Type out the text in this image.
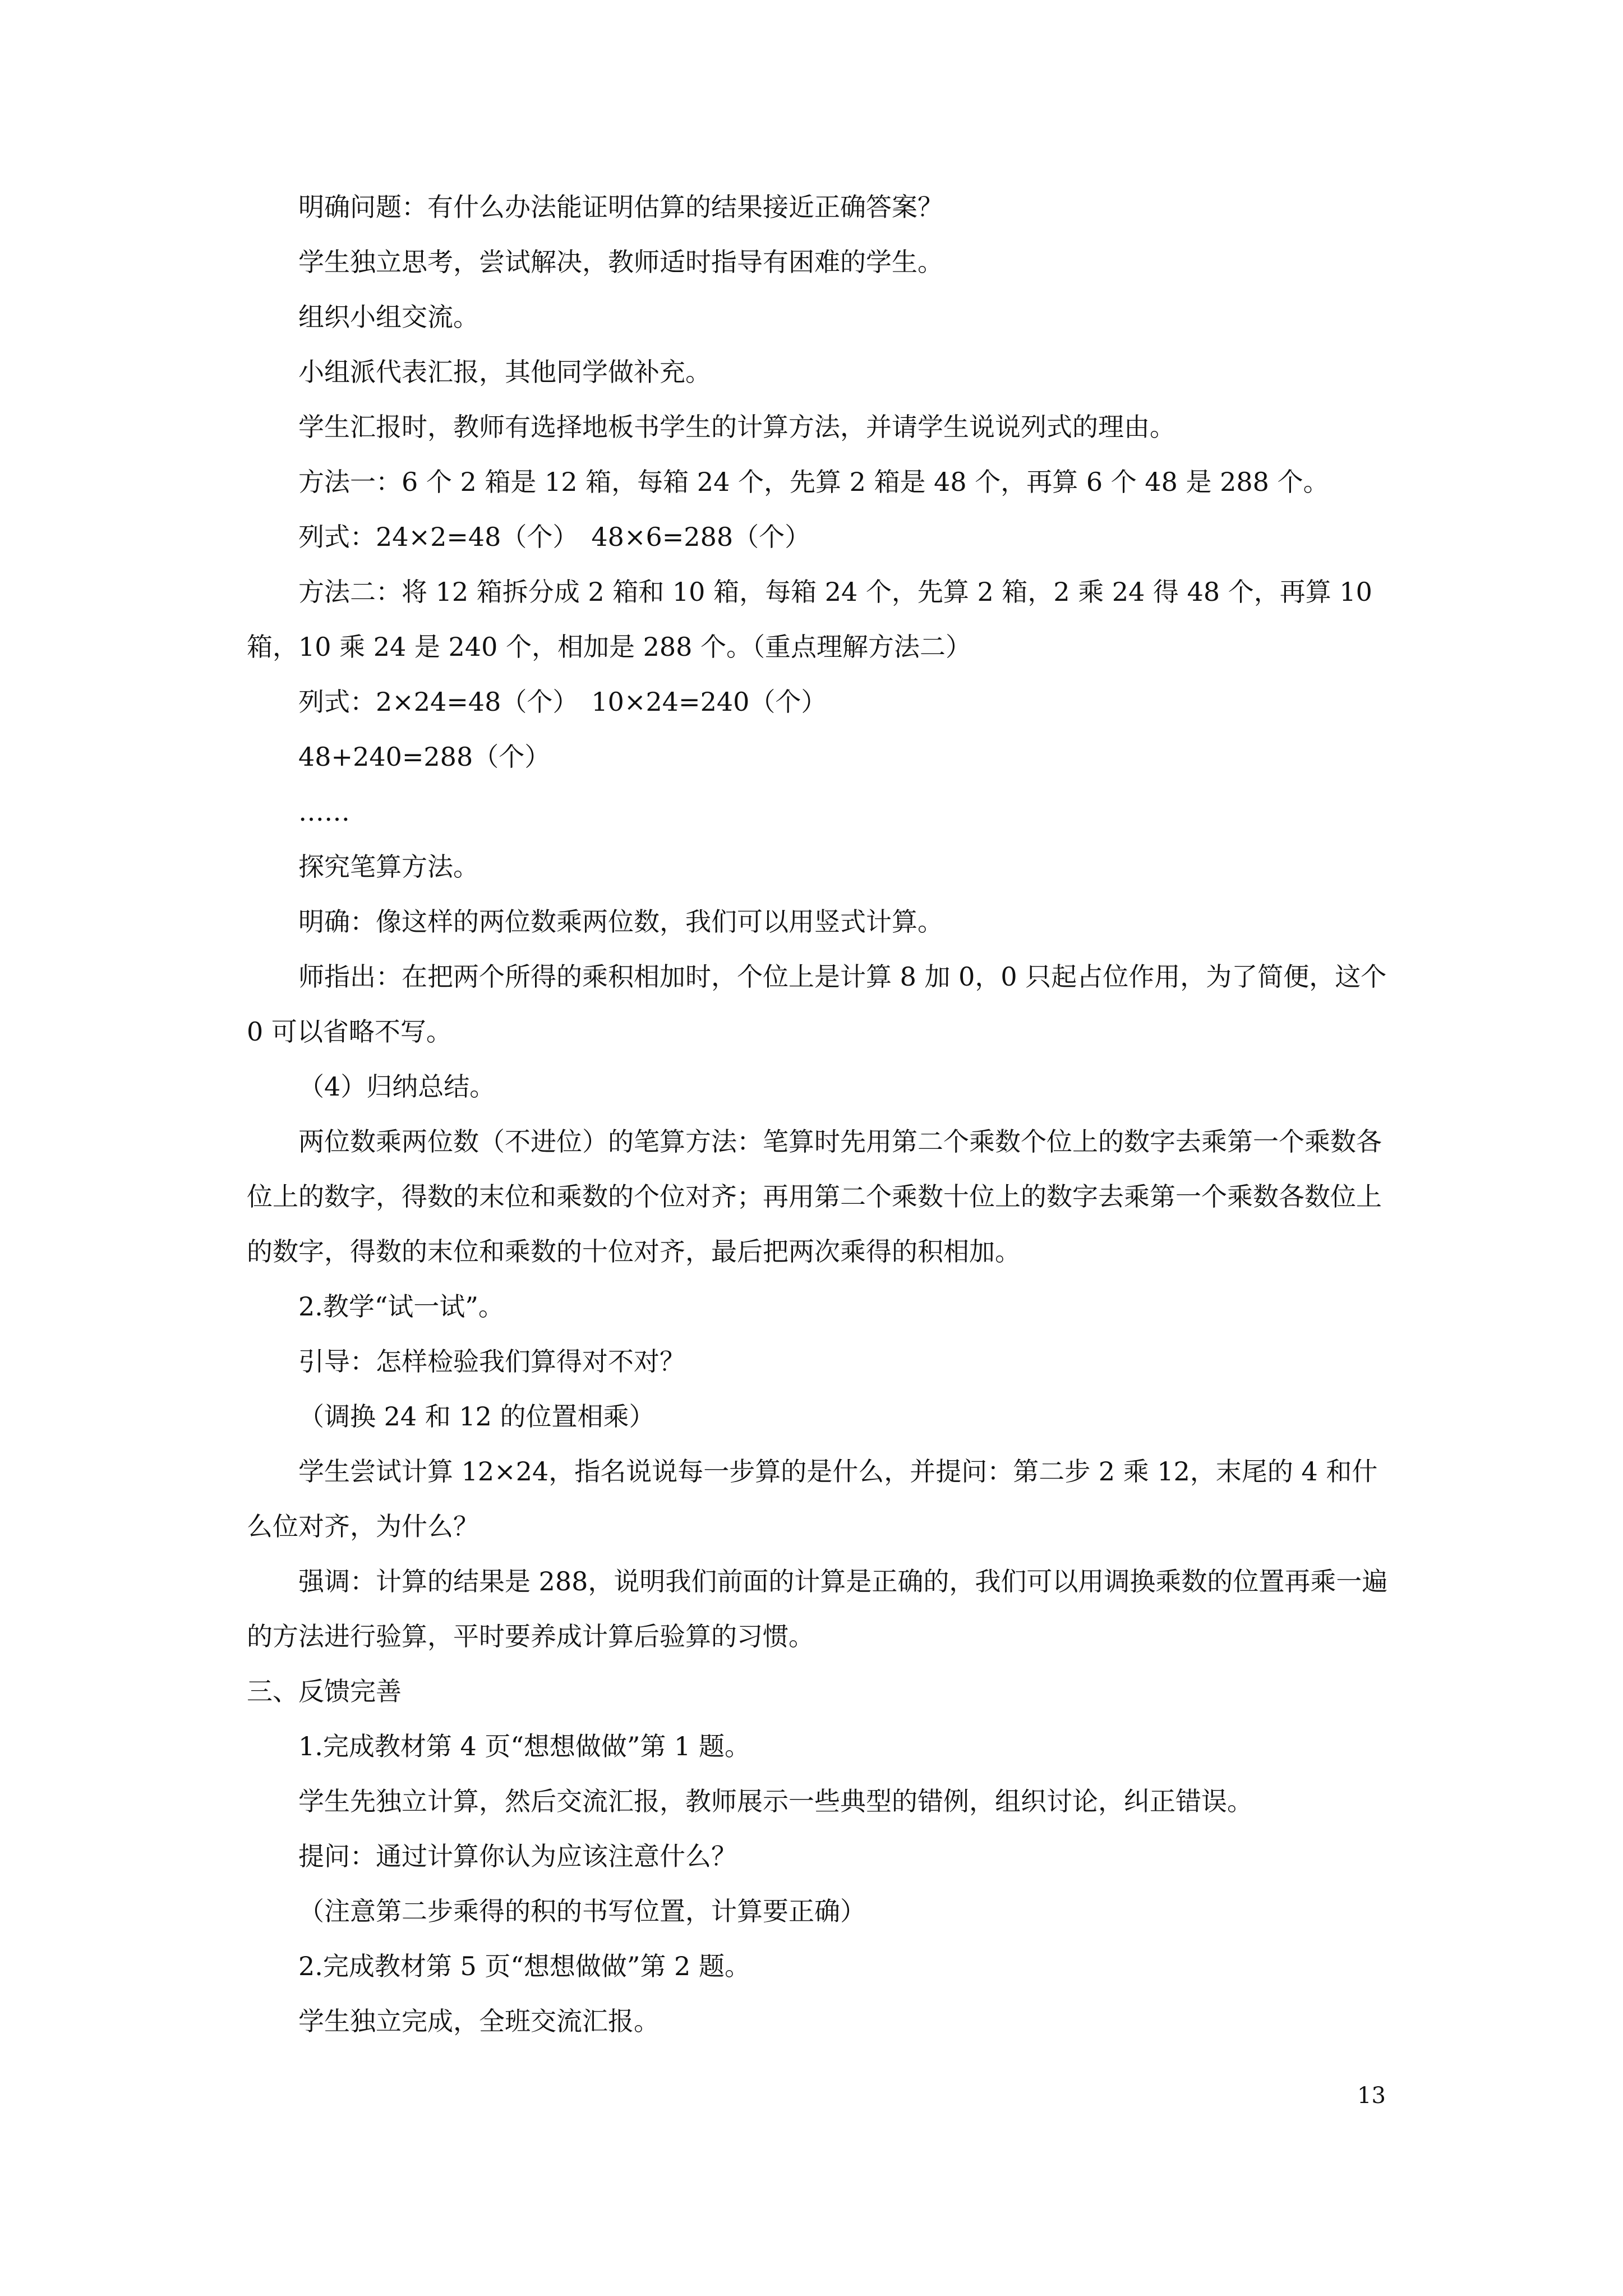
明确问题：有什么办法能证明估算的结果接近正确答案？

学生独立思考，尝试解决，教师适时指导有困难的学生。

组织小组交流。

小组派代表汇报，其他同学做补充。

学生汇报时，教师有选择地板书学生的计算方法，并请学生说说列式的理由。

方法一：6 个 2 箱是 12 箱，每箱 24 个，先算 2 箱是 48 个，再算 6 个 48 是 288 个。

列式：24×2=48（个）　48×6=288（个）

方法二：将 12 箱拆分成 2 箱和 10 箱，每箱 24 个，先算 2 箱，2 乘 24 得 48 个，再算 10 箱，10 乘 24 是 240 个，相加是 288 个。（重点理解方法二）

列式：2×24=48（个）　10×24=240（个）

48+240=288（个）

……

探究笔算方法。

明确：像这样的两位数乘两位数，我们可以用竖式计算。

师指出：在把两个所得的乘积相加时，个位上是计算 8 加 0，0 只起占位作用，为了简便，这个 0 可以省略不写。

（4）归纳总结。

两位数乘两位数（不进位）的笔算方法：笔算时先用第二个乘数个位上的数字去乘第一个乘数各位上的数字，得数的末位和乘数的个位对齐；再用第二个乘数十位上的数字去乘第一个乘数各数位上的数字，得数的末位和乘数的十位对齐，最后把两次乘得的积相加。

2.教学“试一试”。

引导：怎样检验我们算得对不对？

（调换 24 和 12 的位置相乘）

学生尝试计算 12×24，指名说说每一步算的是什么，并提问：第二步 2 乘 12，末尾的 4 和什么位对齐，为什么？

强调：计算的结果是 288，说明我们前面的计算是正确的，我们可以用调换乘数的位置再乘一遍的方法进行验算，平时要养成计算后验算的习惯。

三、反馈完善

1.完成教材第 4 页“想想做做”第 1 题。

学生先独立计算，然后交流汇报，教师展示一些典型的错例，组织讨论，纠正错误。

提问：通过计算你认为应该注意什么？

（注意第二步乘得的积的书写位置，计算要正确）

2.完成教材第 5 页“想想做做”第 2 题。

学生独立完成，全班交流汇报。

13
